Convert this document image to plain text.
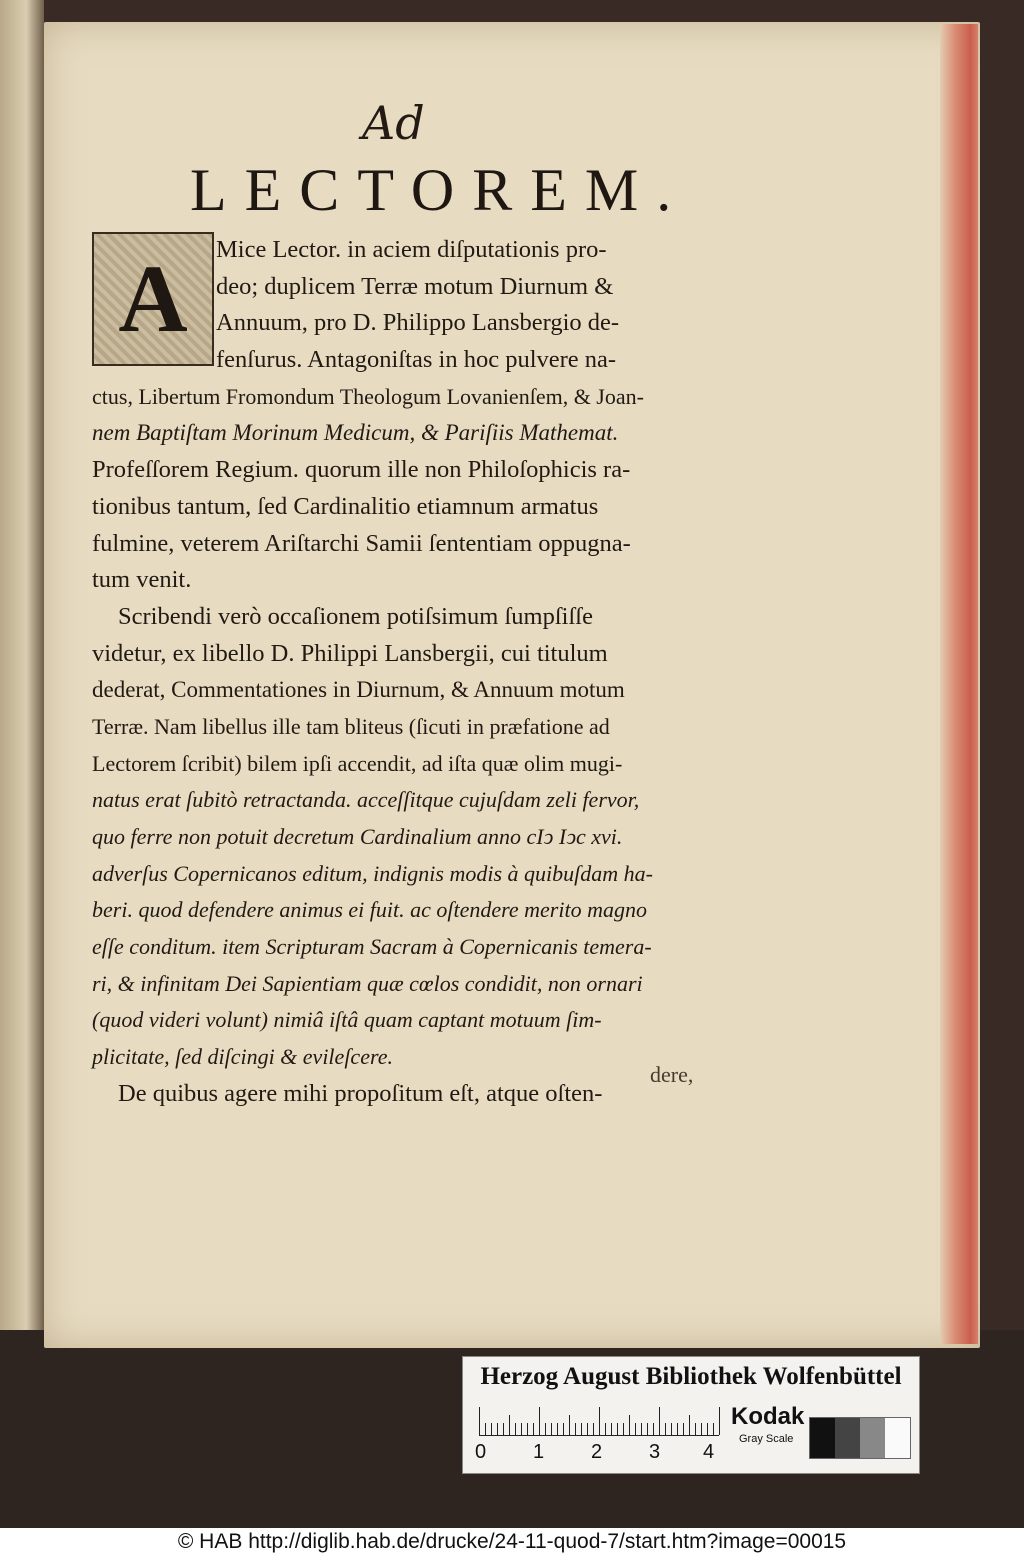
Ad
LECTOREM.
A	Mice Lector. in aciem diſputationis pro-
deo; duplicem Terræ motum Diurnum &
Annuum, pro D. Philippo Lansbergio de-
fenſurus. Antagoniſtas in hoc pulvere na-
ctus, Libertum Fromondum Theologum Lovanienſem, & Joan-
nem Baptiſtam Morinum Medicum, & Pariſiis Mathemat.
Profeſſorem Regium. quorum ille non Philoſophicis ra-
tionibus tantum, ſed Cardinalitio etiamnum armatus
fulmine, veterem Ariſtarchi Samii ſententiam oppugna-
tum venit.
Scribendi verò occaſionem potiſsimum ſumpſiſſe
videtur, ex libello D. Philippi Lansbergii, cui titulum
dederat, Commentationes in Diurnum, & Annuum motum
Terræ. Nam libellus ille tam bliteus (ſicuti in præfatione ad
Lectorem ſcribit) bilem ipſi accendit, ad iſta quæ olim mugi-
natus erat ſubitò retractanda. acceſſitque cujuſdam zeli fervor,
quo ferre non potuit decretum Cardinalium anno cIↄ Iↄc xvi.
adverſus Copernicanos editum, indignis modis à quibuſdam ha-
beri. quod defendere animus ei fuit. ac oſtendere merito magno
eſſe conditum. item Scripturam Sacram à Copernicanis temera-
ri, & infinitam Dei Sapientiam quæ cœlos condidit, non ornari
(quod videri volunt) nimiâ iſtâ quam captant motuum ſim-
plicitate, ſed diſcingi & evileſcere.
De quibus agere mihi propoſitum eſt, atque oſten-
dere,
Herzog August Bibliothek Wolfenbüttel
0 1 2 3 4
Kodak
Gray Scale
© HAB http://diglib.hab.de/drucke/24-11-quod-7/start.htm?image=00015
